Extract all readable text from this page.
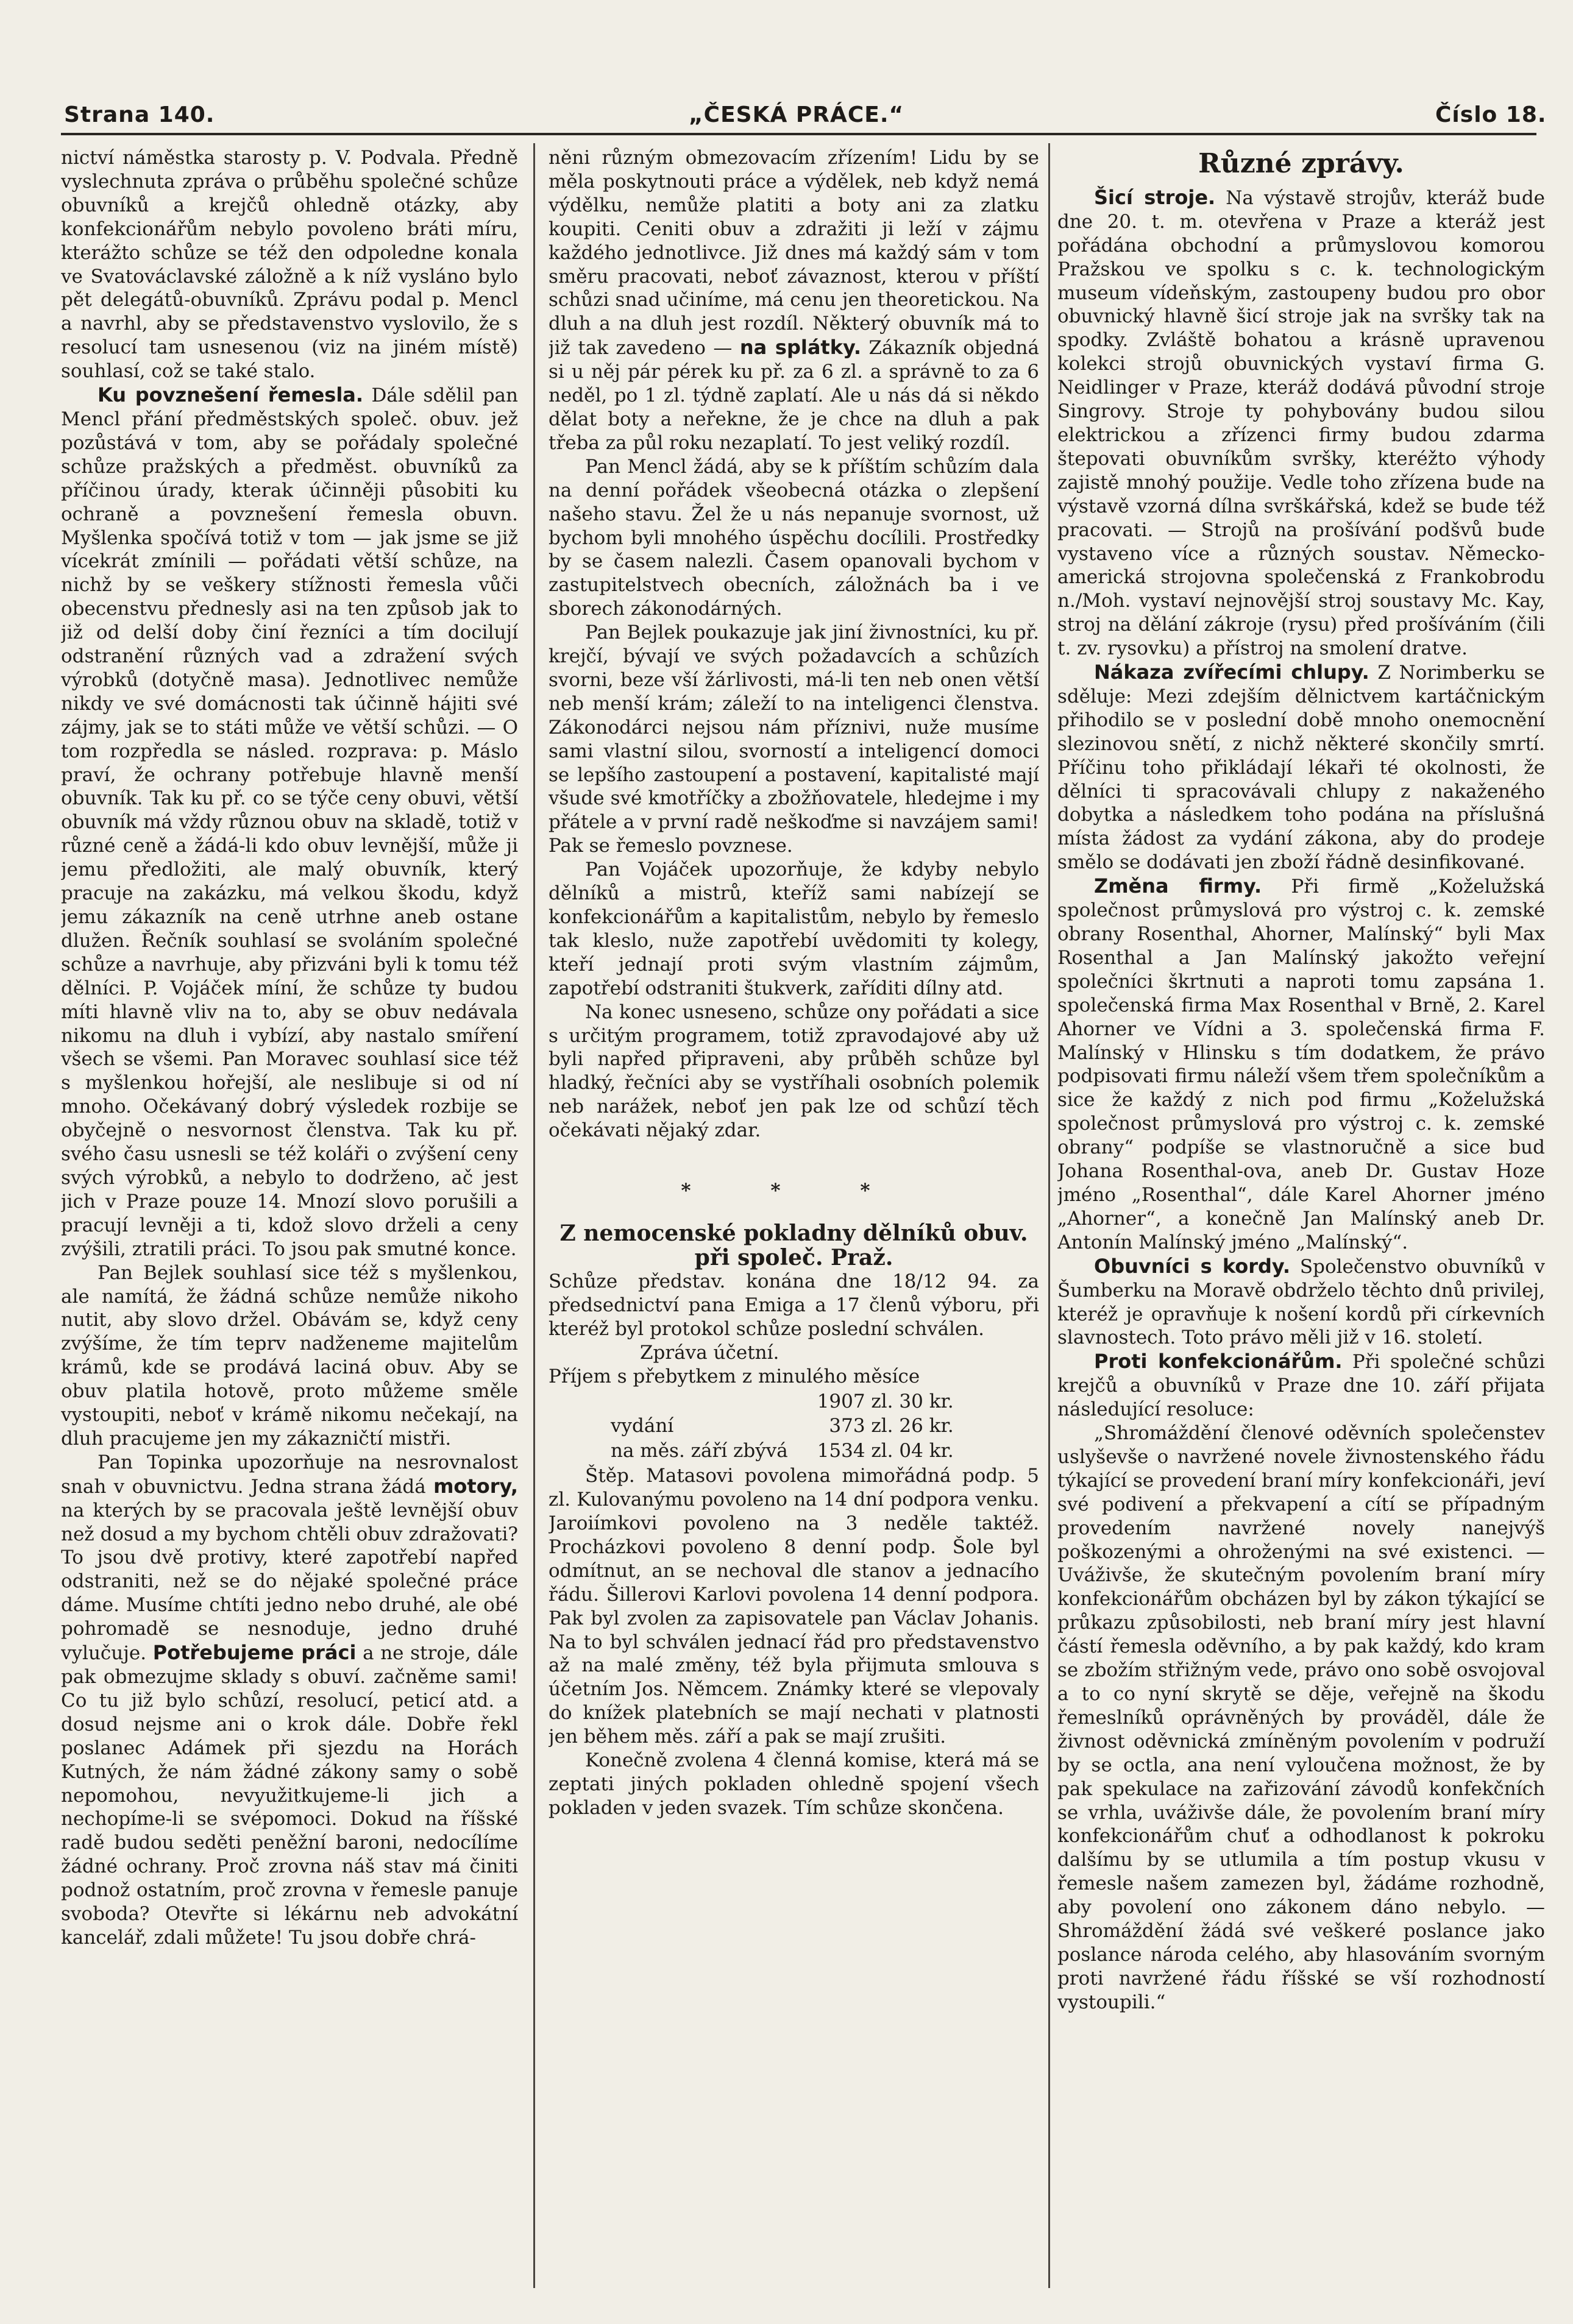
Strana 140.	„ČESKÁ PRÁCE.“	Číslo 18.

nictví náměstka starosty p. V. Podvala. Předně vyslechnuta zpráva o průběhu společné schůze obuvníků a krejčů ohledně otázky, aby konfekcionářům nebylo povoleno bráti míru, kterážto schůze se též den odpoledne konala ve Svatováclavské záložně a k níž vysláno bylo pět delegátů-obuvníků. Zprávu podal p. Mencl a navrhl, aby se představenstvo vyslovilo, že s resolucí tam usnesenou (viz na jiném místě) souhlasí, což se také stalo.

Ku povznešení řemesla. Dále sdělil pan Mencl přání předměstských společ. obuv. jež pozůstává v tom, aby se pořádaly společné schůze pražských a předměst. obuvníků za příčinou úrady, kterak účinněji působiti ku ochraně a povznešení řemesla obuvn. Myšlenka spočívá totiž v tom — jak jsme se již vícekrát zmínili — pořádati větší schůze, na nichž by se veškery stížnosti řemesla vůči obecenstvu přednesly asi na ten způsob jak to již od delší doby činí řezníci a tím docilují odstranění různých vad a zdražení svých výrobků (dotyčně masa). Jednotlivec nemůže nikdy ve své domácnosti tak účinně hájiti své zájmy, jak se to státi může ve větší schůzi. — O tom rozpředla se násled. rozprava: p. Máslo praví, že ochrany potřebuje hlavně menší obuvník. Tak ku př. co se týče ceny obuvi, větší obuvník má vždy různou obuv na skladě, totiž v různé ceně a žádá-li kdo obuv levnější, může ji jemu předložiti, ale malý obuvník, který pracuje na zakázku, má velkou škodu, když jemu zákazník na ceně utrhne aneb ostane dlužen. Řečník souhlasí se svoláním společné schůze a navrhuje, aby přizváni byli k tomu též dělníci. P. Vojáček míní, že schůze ty budou míti hlavně vliv na to, aby se obuv nedávala nikomu na dluh i vybízí, aby nastalo smíření všech se všemi. Pan Moravec souhlasí sice též s myšlenkou hořejší, ale neslibuje si od ní mnoho. Očekávaný dobrý výsledek rozbije se obyčejně o nesvornost členstva. Tak ku př. svého času usnesli se též koláři o zvýšení ceny svých výrobků, a nebylo to dodrženo, ač jest jich v Praze pouze 14. Mnozí slovo porušili a pracují levněji a ti, kdož slovo drželi a ceny zvýšili, ztratili práci. To jsou pak smutné konce.

Pan Bejlek souhlasí sice též s myšlenkou, ale namítá, že žádná schůze nemůže nikoho nutit, aby slovo držel. Obávám se, když ceny zvýšíme, že tím teprv nadženeme majitelům krámů, kde se prodává laciná obuv. Aby se obuv platila hotově, proto můžeme směle vystoupiti, neboť v krámě nikomu nečekají, na dluh pracujeme jen my zákazničtí mistři.

Pan Topinka upozorňuje na nesrovnalost snah v obuvnictvu. Jedna strana žádá motory, na kterých by se pracovala ještě levnější obuv než dosud a my bychom chtěli obuv zdražovati? To jsou dvě protivy, které zapotřebí napřed odstraniti, než se do nějaké společné práce dáme. Musíme chtíti jedno nebo druhé, ale obé pohromadě se nesnoduje, jedno druhé vylučuje. Potřebujeme práci a ne stroje, dále pak obmezujme sklady s obuví. začněme sami! Co tu již bylo schůzí, resolucí, peticí atd. a dosud nejsme ani o krok dále. Dobře řekl poslanec Adámek při sjezdu na Horách Kutných, že nám žádné zákony samy o sobě nepomohou, nevyužitkujeme-li jich a nechopíme-li se svépomoci. Dokud na říšské radě budou seděti peněžní baroni, nedocílíme žádné ochrany. Proč zrovna náš stav má činiti podnož ostatním, proč zrovna v řemesle panuje svoboda? Otevřte si lékárnu neb advokátní kancelář, zdali můžete! Tu jsou dobře chrá-

něni různým obmezovacím zřízením! Lidu by se měla poskytnouti práce a výdělek, neb když nemá výdělku, nemůže platiti a boty ani za zlatku koupiti. Ceniti obuv a zdražiti ji leží v zájmu každého jednotlivce. Již dnes má každý sám v tom směru pracovati, neboť závaznost, kterou v příští schůzi snad učiníme, má cenu jen theoretickou. Na dluh a na dluh jest rozdíl. Některý obuvník má to již tak zavedeno — na splátky. Zákazník objedná si u něj pár pérek ku př. za 6 zl. a správně to za 6 neděl, po 1 zl. týdně zaplatí. Ale u nás dá si někdo dělat boty a neřekne, že je chce na dluh a pak třeba za půl roku nezaplatí. To jest veliký rozdíl.

Pan Mencl žádá, aby se k příštím schůzím dala na denní pořádek všeobecná otázka o zlepšení našeho stavu. Žel že u nás nepanuje svornost, už bychom byli mnohého úspěchu docílili. Prostředky by se časem nalezli. Časem opanovali bychom v zastupitelstvech obecních, záložnách ba i ve sborech zákonodárných.

Pan Bejlek poukazuje jak jiní živnostníci, ku př. krejčí, bývají ve svých požadavcích a schůzích svorni, beze vší žárlivosti, má-li ten neb onen větší neb menší krám; záleží to na inteligenci členstva. Zákonodárci nejsou nám příznivi, nuže musíme sami vlastní silou, svorností a inteligencí domoci se lepšího zastoupení a postavení, kapitalisté mají všude své kmotříčky a zbožňovatele, hledejme i my přátele a v první radě neškoďme si navzájem sami! Pak se řemeslo povznese.

Pan Vojáček upozorňuje, že kdyby nebylo dělníků a mistrů, kteříž sami nabízejí se konfekcionářům a kapitalistům, nebylo by řemeslo tak kleslo, nuže zapotřebí uvědomiti ty kolegy, kteří jednají proti svým vlastním zájmům, zapotřebí odstraniti štukverk, zaříditi dílny atd.

Na konec usneseno, schůze ony pořádati a sice s určitým programem, totiž zpravodajové aby už byli napřed připraveni, aby průběh schůze byl hladký, řečníci aby se vystříhali osobních polemik neb narážek, neboť jen pak lze od schůzí těch očekávati nějaký zdar.

* * *
Z nemocenské pokladny dělníků obuv. při společ. Praž.

Schůze představ. konána dne 18/12 94. za předsednictví pana Emiga a 17 členů výboru, při kteréž byl protokol schůze poslední schválen.

Zpráva účetní.

Příjem s přebytkem z minulého měsíce

	1907 zl. 30 kr.
vydání	373 zl. 26 kr.
na měs. září zbývá	1534 zl. 04 kr.

Štěp. Matasovi povolena mimořádná podp. 5 zl. Kulovanýmu povoleno na 14 dní podpora venku. Jaroiímkovi povoleno na 3 neděle taktéž. Procházkovi povoleno 8 denní podp. Šole byl odmítnut, an se nechoval dle stanov a jednacího řádu. Šillerovi Karlovi povolena 14 denní podpora. Pak byl zvolen za zapisovatele pan Václav Johanis. Na to byl schválen jednací řád pro představenstvo až na malé změny, též byla přijmuta smlouva s účetním Jos. Němcem. Známky které se vlepovaly do knížek platebních se mají nechati v platnosti jen během měs. září a pak se mají zrušiti.

Konečně zvolena 4 členná komise, která má se zeptati jiných pokladen ohledně spojení všech pokladen v jeden svazek. Tím schůze skončena.

Různé zprávy.

Šicí stroje. Na výstavě strojův, kteráž bude dne 20. t. m. otevřena v Praze a kteráž jest pořádána obchodní a průmyslovou komorou Pražskou ve spolku s c. k. technologickým museum vídeňským, zastoupeny budou pro obor obuvnický hlavně šicí stroje jak na svršky tak na spodky. Zvláště bohatou a krásně upravenou kolekci strojů obuvnických vystaví firma G. Neidlinger v Praze, kteráž dodává původní stroje Singrovy. Stroje ty pohybovány budou silou elektrickou a zřízenci firmy budou zdarma štepovati obuvníkům svršky, kteréžto výhody zajistě mnohý použije. Vedle toho zřízena bude na výstavě vzorná dílna svrškářská, kdež se bude též pracovati. — Strojů na prošívání podšvů bude vystaveno více a různých soustav. Německo-americká strojovna společenská z Frankobrodu n./Moh. vystaví nejnovější stroj soustavy Mc. Kay, stroj na dělání zákroje (rysu) před prošíváním (čili t. zv. rysovku) a přístroj na smolení dratve.

Nákaza zvířecími chlupy. Z Norimberku se sděluje: Mezi zdejším dělnictvem kartáčnickým přihodilo se v poslední době mnoho onemocnění slezinovou snětí, z nichž některé skončily smrtí. Příčinu toho přikládají lékaři té okolnosti, že dělníci ti spracovávali chlupy z nakaženého dobytka a následkem toho podána na příslušná místa žádost za vydání zákona, aby do prodeje smělo se dodávati jen zboží řádně desinfikované.

Změna firmy. Při firmě „Koželužská společnost průmyslová pro výstroj c. k. zemské obrany Rosenthal, Ahorner, Malínský“ byli Max Rosenthal a Jan Malínský jakožto veřejní společníci škrtnuti a naproti tomu zapsána 1. společenská firma Max Rosenthal v Brně, 2. Karel Ahorner ve Vídni a 3. společenská firma F. Malínský v Hlinsku s tím dodatkem, že právo podpisovati firmu náleží všem třem společníkům a sice že každý z nich pod firmu „Koželužská společnost průmyslová pro výstroj c. k. zemské obrany“ podpíše se vlastnoručně a sice bud Johana Rosenthal-ova, aneb Dr. Gustav Hoze jméno „Rosenthal“, dále Karel Ahorner jméno „Ahorner“, a konečně Jan Malínský aneb Dr. Antonín Malínský jméno „Malínský“.

Obuvníci s kordy. Společenstvo obuvníků v Šumberku na Moravě obdrželo těchto dnů privilej, kteréž je opravňuje k nošení kordů při církevních slavnostech. Toto právo měli již v 16. století.

Proti konfekcionářům. Při společné schůzi krejčů a obuvníků v Praze dne 10. září přijata následující resoluce:

„Shromáždění členové oděvních společenstev uslyševše o navržené novele živnostenského řádu týkající se provedení braní míry konfekcionáři, jeví své podivení a překvapení a cítí se případným provedením navržené novely nanejvýš poškozenými a ohroženými na své existenci. — Uváživše, že skutečným povolením braní míry konfekcionářům obcházen byl by zákon týkající se průkazu způsobilosti, neb braní míry jest hlavní částí řemesla oděvního, a by pak každý, kdo kram se zbožím střižným vede, právo ono sobě osvojoval a to co nyní skrytě se děje, veřejně na škodu řemeslníků oprávněných by prováděl, dále že živnost oděvnická zmíněným povolením v podruží by se octla, ana není vyloučena možnost, že by pak spekulace na zařizování závodů konfekčních se vrhla, uváživše dále, že povolením braní míry konfekcionářům chuť a odhodlanost k pokroku dalšímu by se utlumila a tím postup vkusu v řemesle našem zamezen byl, žádáme rozhodně, aby povolení ono zákonem dáno nebylo. — Shromáždění žádá své veškeré poslance jako poslance národa celého, aby hlasováním svorným proti navržené řádu říšské se vší rozhodností vystoupili.“
